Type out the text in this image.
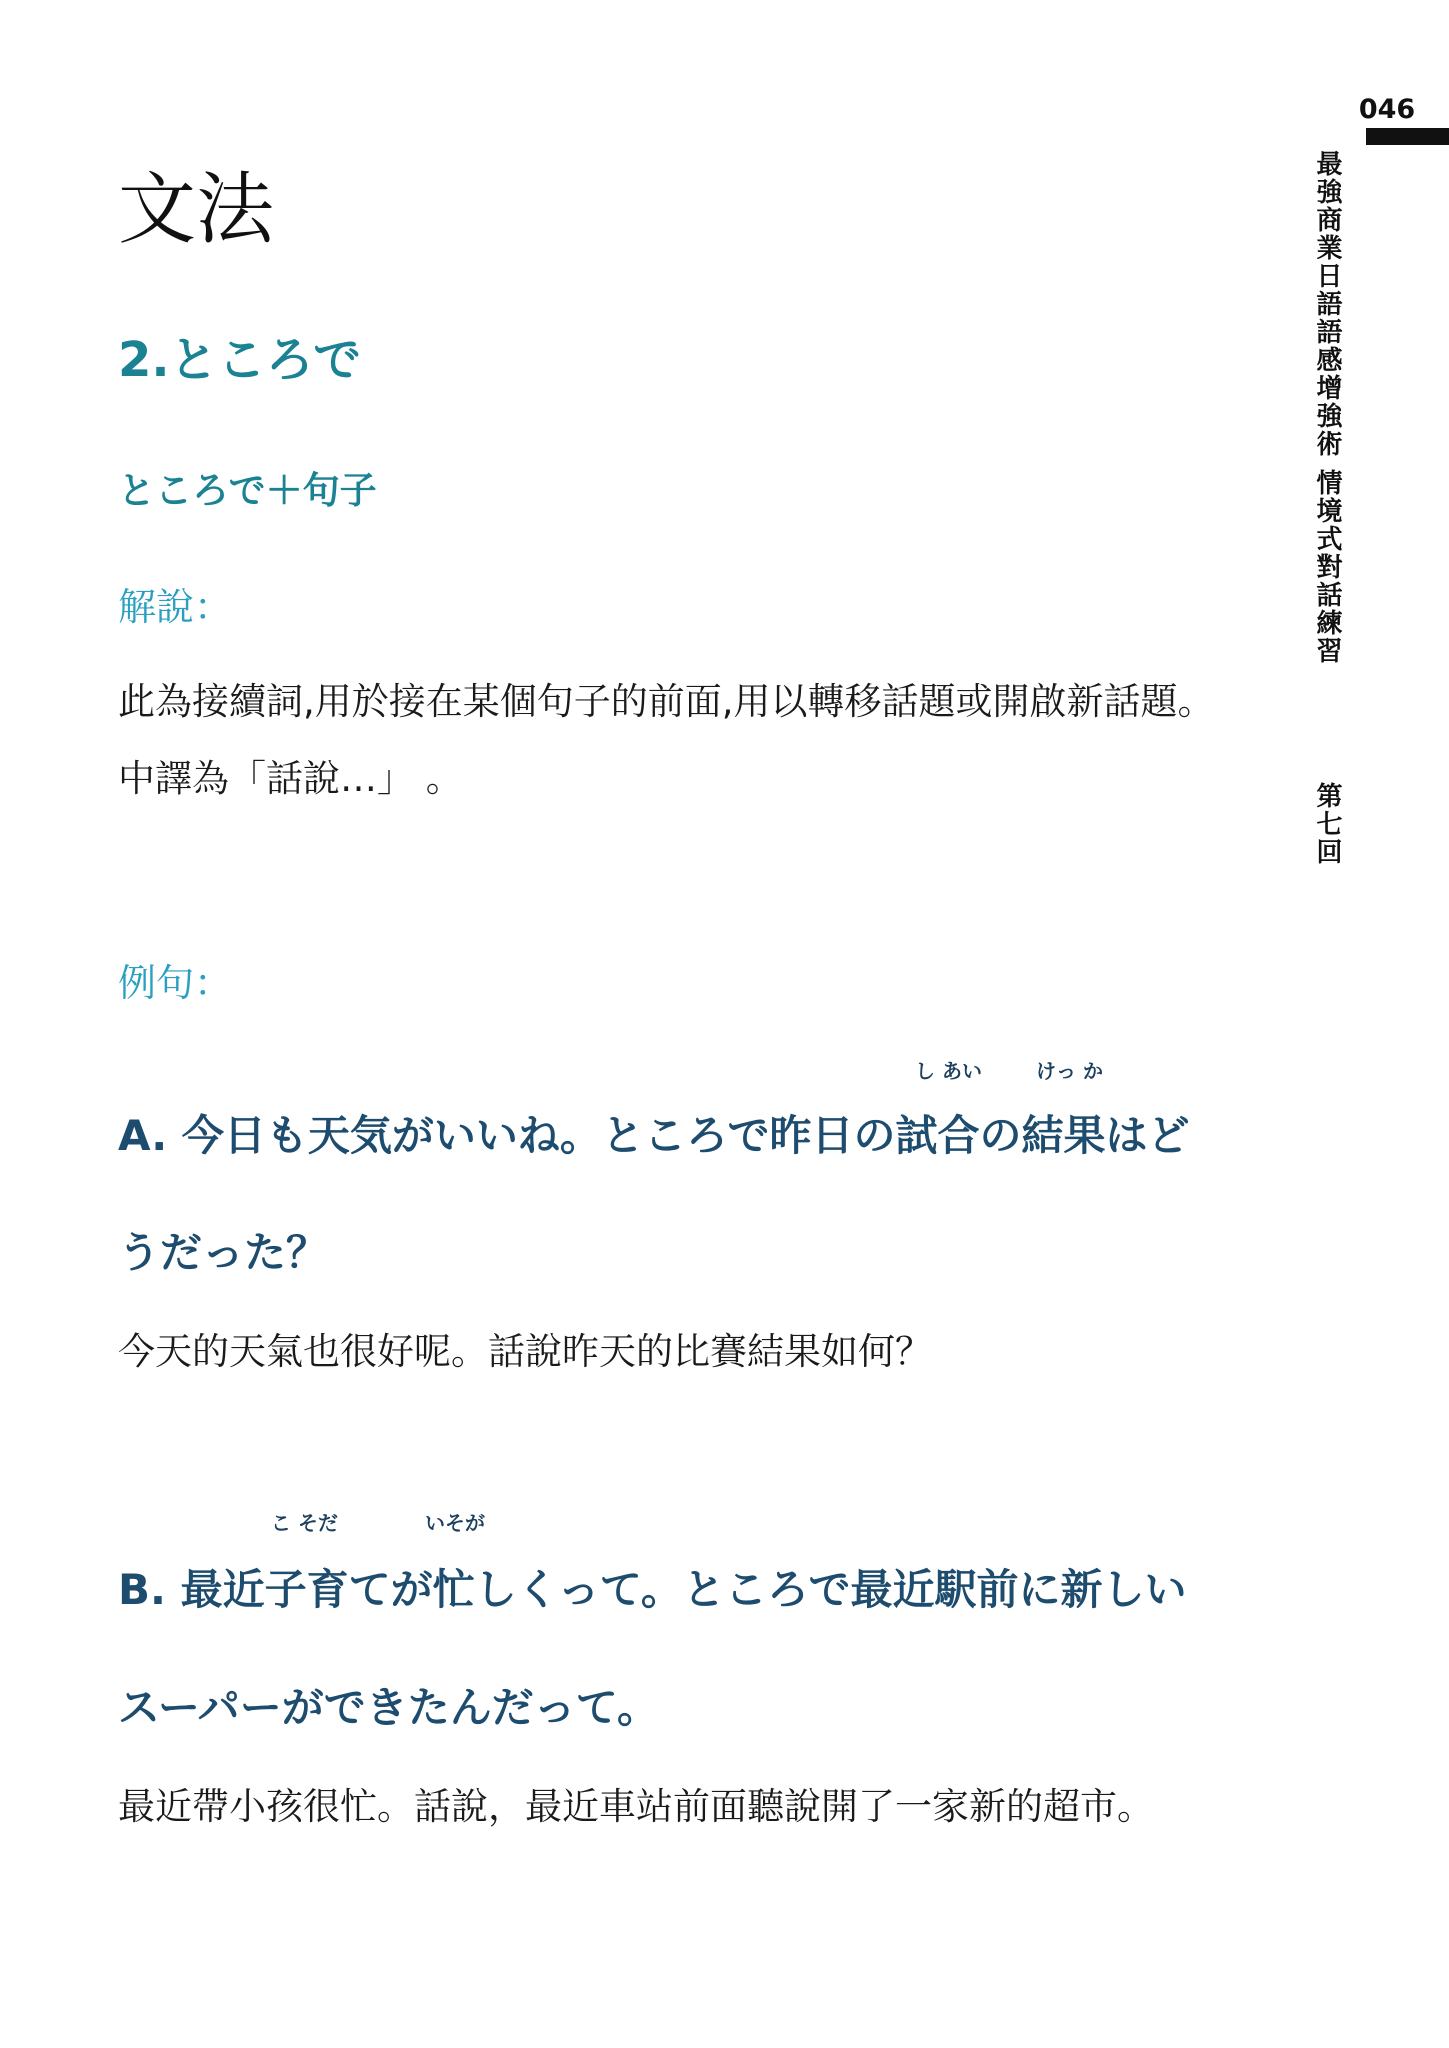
046
最強商業日語語感增強術 情境式對話練習
第七回
文法
2.ところで
ところで＋句子
解說：

此為接續詞,用於接在某個句子的前面,用以轉移話題或開啟新話題。中譯為「話說…」 。

例句：
し あい	けっ か
A. 今日も天気がいいね。ところで昨日の試合の結果はど
うだった？
今天的天氣也很好呢。話說昨天的比賽結果如何？
こ そだ	いそが
B. 最近子育てが忙しくって。ところで最近駅前に新しい
スーパーができたんだって。
最近帶小孩很忙。話說，最近車站前面聽說開了一家新的超市。
